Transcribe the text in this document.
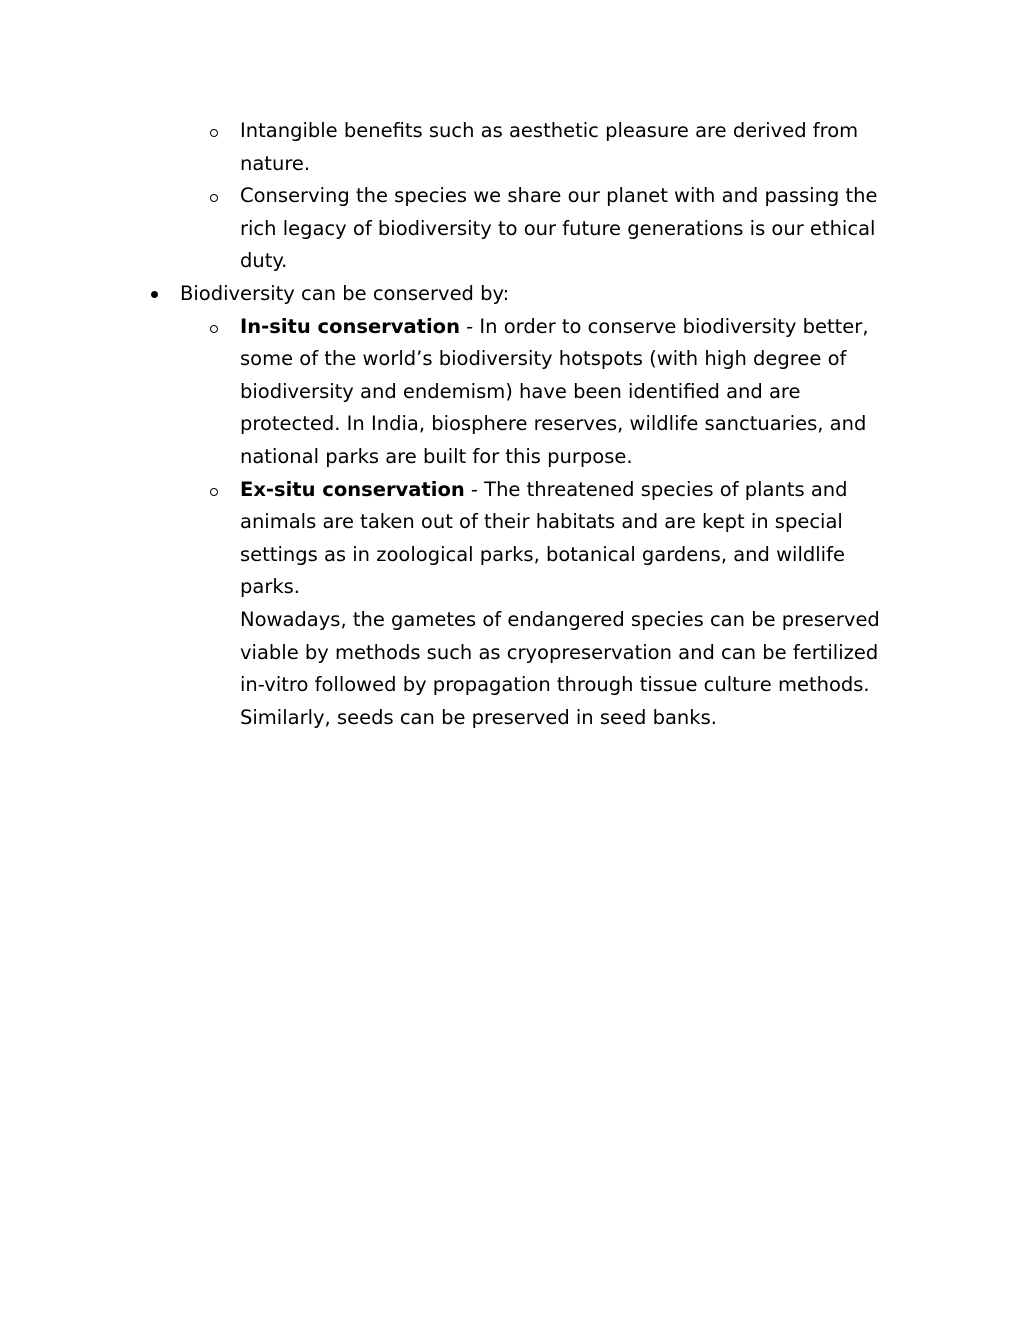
Intangible benefits such as aesthetic pleasure are derived from nature.
Conserving the species we share our planet with and passing the rich legacy of biodiversity to our future generations is our ethical duty.
Biodiversity can be conserved by:
In-situ conservation - In order to conserve biodiversity better, some of the world’s biodiversity hotspots (with high degree of biodiversity and endemism) have been identified and are protected. In India, biosphere reserves, wildlife sanctuaries, and national parks are built for this purpose.
Ex-situ conservation - The threatened species of plants and animals are taken out of their habitats and are kept in special settings as in zoological parks, botanical gardens, and wildlife parks.

Nowadays, the gametes of endangered species can be preserved viable by methods such as cryopreservation and can be fertilized in-vitro followed by propagation through tissue culture methods. Similarly, seeds can be preserved in seed banks.
